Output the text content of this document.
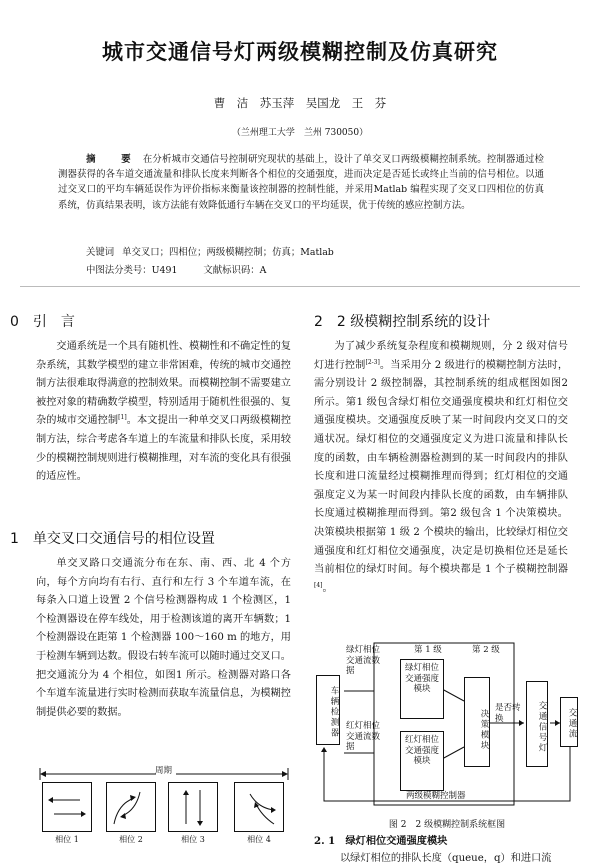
城市交通信号灯两级模糊控制及仿真研究
曹　洁　苏玉萍　吴国龙　王　芬
（兰州理工大学　兰州 730050）
摘　要 在分析城市交通信号控制研究现状的基础上，设计了单交叉口两级模糊控制系统。控制器通过检测器获得的各车道交通流量和排队长度来判断各个相位的交通强度，进而决定是否延长或终止当前的信号相位。以通过交叉口的平均车辆延误作为评价指标来衡量该控制器的控制性能，并采用Matlab 编程实现了交叉口四相位的仿真系统，仿真结果表明，该方法能有效降低通行车辆在交叉口的平均延误，优于传统的感应控制方法。
关键词 单交叉口；四相位；两级模糊控制；仿真；Matlab
中图法分类号：U491	文献标识码：A
0 引　言

交通系统是一个具有随机性、模糊性和不确定性的复杂系统，其数学模型的建立非常困难，传统的城市交通控制方法很难取得满意的控制效果。而模糊控制不需要建立被控对象的精确数学模型，特别适用于随机性很强的、复杂的城市交通控制[1]。本文提出一种单交叉口两级模糊控制方法，综合考虑各车道上的车流量和排队长度，采用较少的模糊控制规则进行模糊推理，对车流的变化具有很强的适应性。

1 单交叉口交通信号的相位设置

单交叉路口交通流分布在东、南、西、北 4 个方向，每个方向均有右行、直行和左行 3 个车道车流，在每条入口道上设置 2 个信号检测器构成 1 个检测区，1 个检测器设在停车线处，用于检测该道的离开车辆数；1 个检测器设在距第 1 个检测器 100～160 m 的地方，用于检测车辆到达数。假设右转车流可以随时通过交叉口。把交通流分为 4 个相位，如图1 所示。检测器对路口各个车道车流量进行实时检测而获取车流量信息，为模糊控制提供必要的数据。

周期
相位 1	相位 2	相位 3	相位 4
2 2 级模糊控制系统的设计

为了减少系统复杂程度和模糊规则，分 2 级对信号灯进行控制[2-3]。当采用分 2 级进行的模糊控制方法时，需分别设计 2 级控制器，其控制系统的组成框图如图2 所示。第1 级包含绿灯相位交通强度模块和红灯相位交通强度模块。交通强度反映了某一时间段内交叉口的交通状况。绿灯相位的交通强度定义为进口流量和排队长度的函数，由车辆检测器检测到的某一时间段内的排队长度和进口流量经过模糊推理而得到；红灯相位的交通强度定义为某一时间段内排队长度的函数，由车辆排队长度通过模糊推理而得到。第2 级包含 1 个决策模块。决策模块根据第 1 级 2 个模块的输出，比较绿灯相位交通强度和红灯相位交通强度，决定是切换相位还是延长当前相位的绿灯时间。每个模块都是 1 个子模糊控制器[4]。

车辆检测器
绿灯相位交通流数据
红灯相位交通流数据
第 1 级	第 2 级
绿灯相位交通强度模块
红灯相位交通强度模块
决策模块
是否转换	交通信号灯	交通流
两级模糊控制器
图 2　2 级模糊控制系统框图
2. 1　 绿灯相位交通强度模块
以绿灯相位的排队长度（queue，q）和进口流
